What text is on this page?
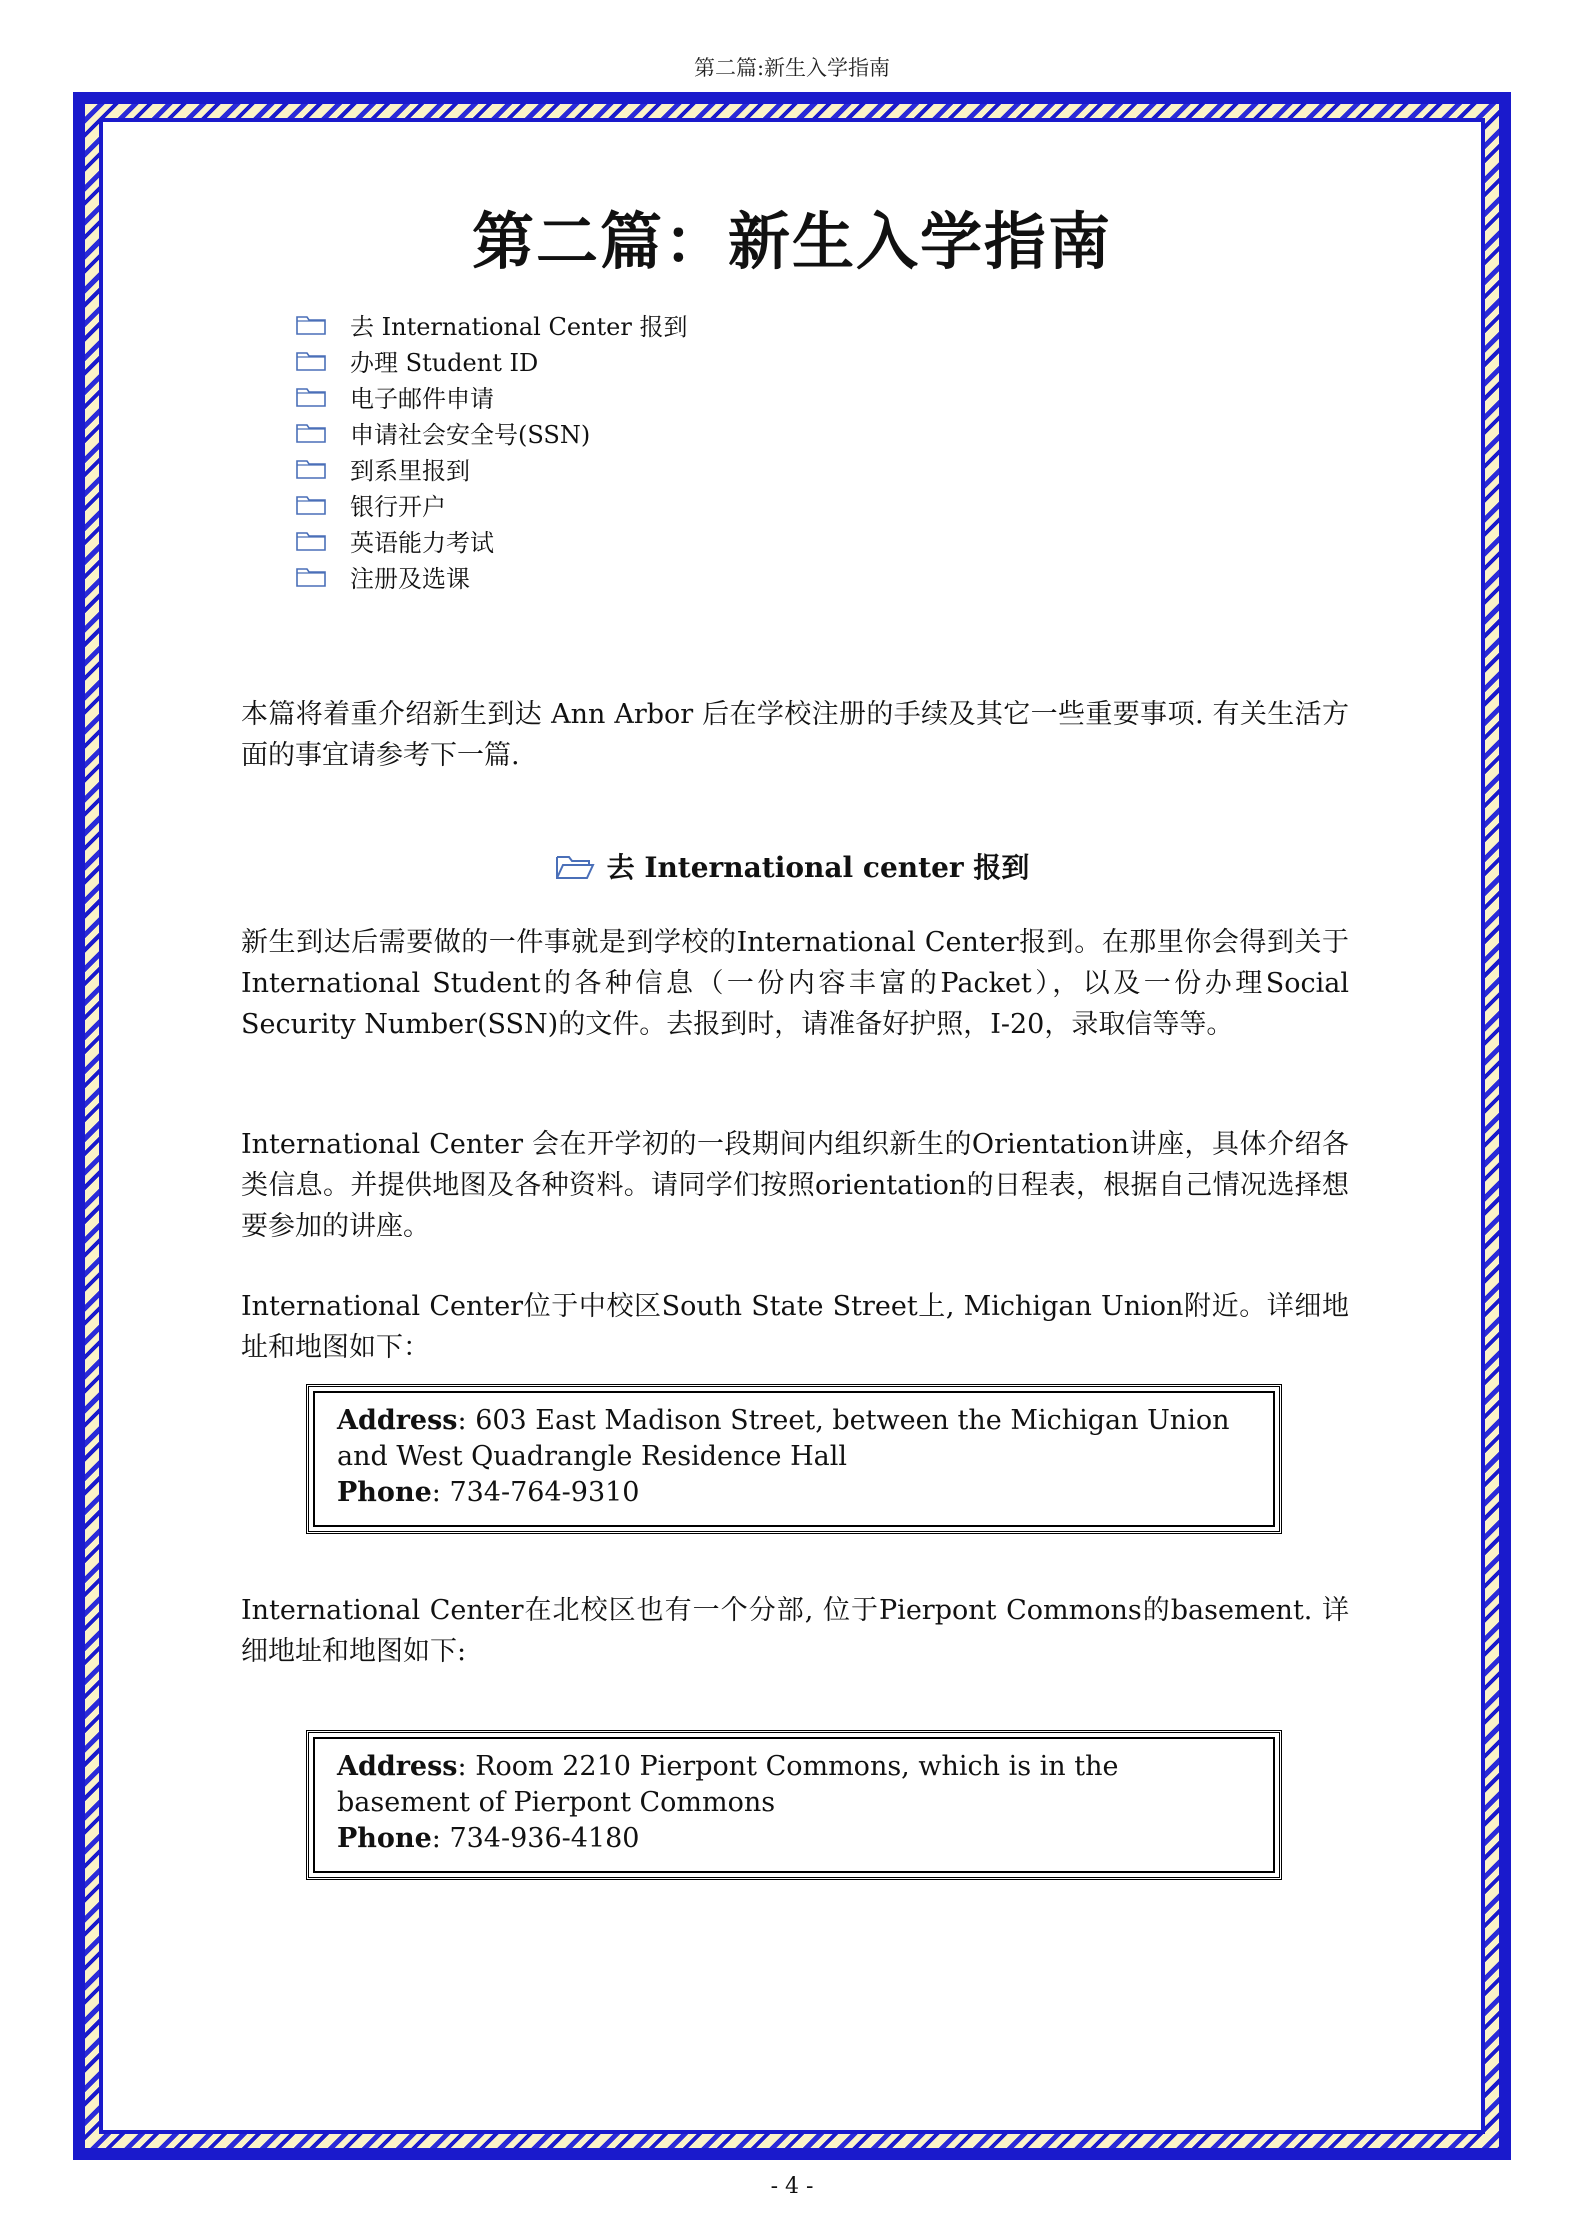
第二篇:新生入学指南
第二篇：新生入学指南
去 International Center 报到
办理 Student ID
电子邮件申请
申请社会安全号(SSN)
到系里报到
银行开户
英语能力考试
注册及选课

本篇将着重介绍新生到达 Ann Arbor 后在学校注册的手续及其它一些重要事项. 有关生活方面的事宜请参考下一篇.

去 International center 报到

新生到达后需要做的一件事就是到学校的International Center报到。在那里你会得到关于International Student的各种信息（一份内容丰富的Packet），以及一份办理Social Security Number(SSN)的文件。去报到时，请准备好护照，I-20，录取信等等。

International Center 会在开学初的一段期间内组织新生的Orientation讲座，具体介绍各类信息。并提供地图及各种资料。请同学们按照orientation的日程表，根据自己情况选择想要参加的讲座。

International Center位于中校区South State Street上, Michigan Union附近。详细地址和地图如下：

Address: 603 East Madison Street, between the Michigan Union and West Quadrangle Residence Hall
Phone: 734-764-9310

International Center在北校区也有一个分部, 位于Pierpont Commons的basement. 详细地址和地图如下:

Address: Room 2210 Pierpont Commons, which is in the basement of Pierpont Commons
Phone: 734-936-4180
- 4 -
